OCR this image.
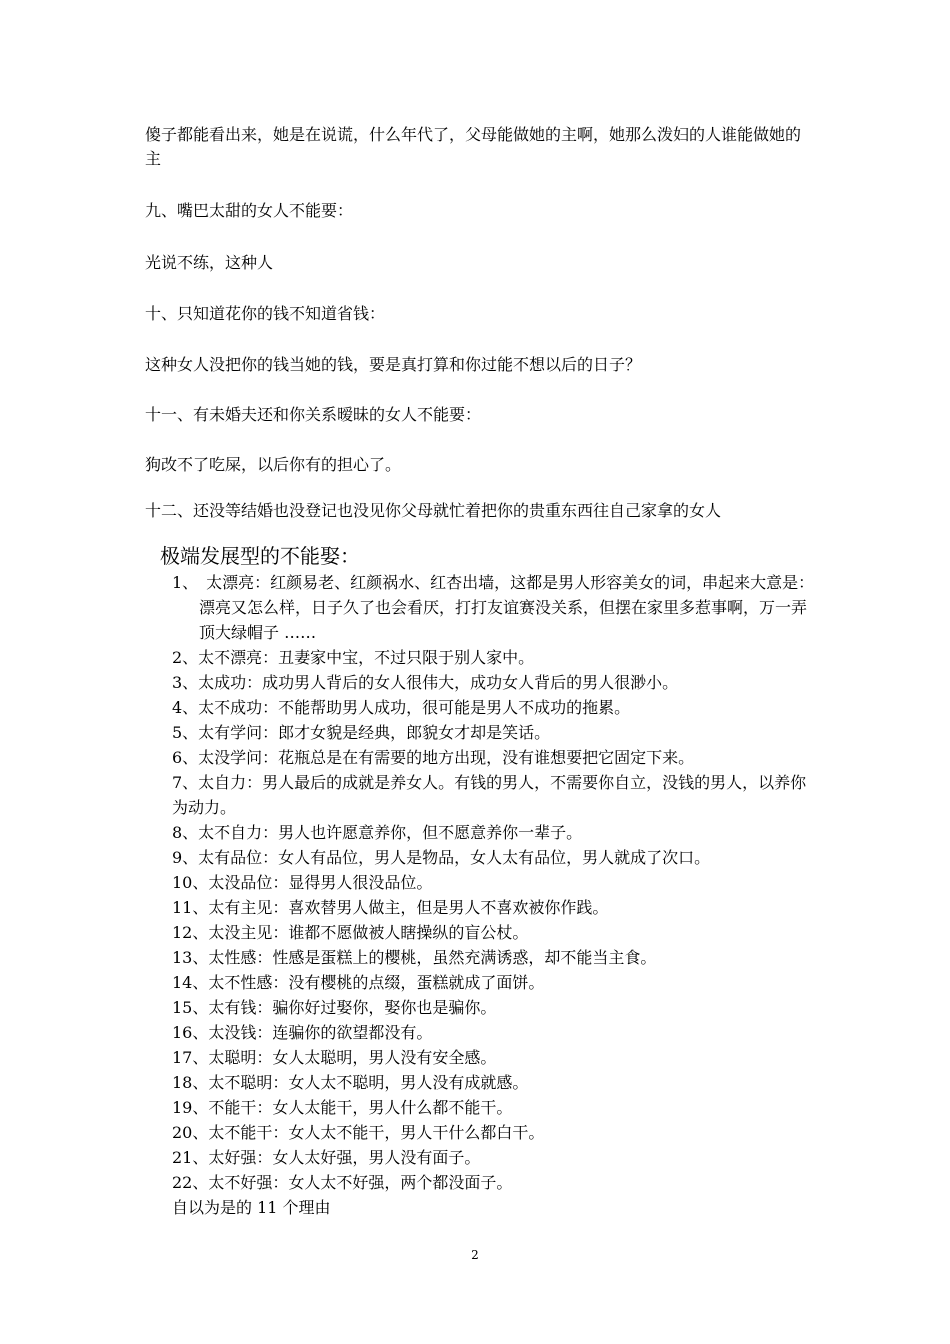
傻子都能看出来，她是在说谎，什么年代了，父母能做她的主啊，她那么泼妇的人谁能做她的主

九、嘴巴太甜的女人不能要：

光说不练，这种人

十、只知道花你的钱不知道省钱：

这种女人没把你的钱当她的钱，要是真打算和你过能不想以后的日子？

十一、有未婚夫还和你关系暧昧的女人不能要：

狗改不了吃屎，以后你有的担心了。

十二、还没等结婚也没登记也没见你父母就忙着把你的贵重东西往自己家拿的女人

极端发展型的不能娶：

1、　太漂亮：红颜易老、红颜祸水、红杏出墙，这都是男人形容美女的词，串起来大意是：漂亮又怎么样，日子久了也会看厌，打打友谊赛没关系，但摆在家里多惹事啊，万一弄顶大绿帽子 ……
2、太不漂亮：丑妻家中宝，不过只限于别人家中。
3、太成功：成功男人背后的女人很伟大，成功女人背后的男人很渺小。
4、太不成功：不能帮助男人成功，很可能是男人不成功的拖累。
5、太有学问：郎才女貌是经典，郎貌女才却是笑话。
6、太没学问：花瓶总是在有需要的地方出现，没有谁想要把它固定下来。
7、太自力：男人最后的成就是养女人。有钱的男人，不需要你自立，没钱的男人，以养你为动力。
8、太不自力：男人也许愿意养你，但不愿意养你一辈子。
9、太有品位：女人有品位，男人是物品，女人太有品位，男人就成了次口。
10、太没品位：显得男人很没品位。
11、太有主见：喜欢替男人做主，但是男人不喜欢被你作践。
12、太没主见：谁都不愿做被人瞎操纵的盲公杖。
13、太性感：性感是蛋糕上的樱桃，虽然充满诱惑，却不能当主食。
14、太不性感：没有樱桃的点缀，蛋糕就成了面饼。
15、太有钱：骗你好过娶你，娶你也是骗你。
16、太没钱：连骗你的欲望都没有。
17、太聪明：女人太聪明，男人没有安全感。
18、太不聪明：女人太不聪明，男人没有成就感。
19、不能干：女人太能干，男人什么都不能干。
20、太不能干：女人太不能干，男人干什么都白干。
21、太好强：女人太好强，男人没有面子。
22、太不好强：女人太不好强，两个都没面子。

自以为是的 11 个理由

2
